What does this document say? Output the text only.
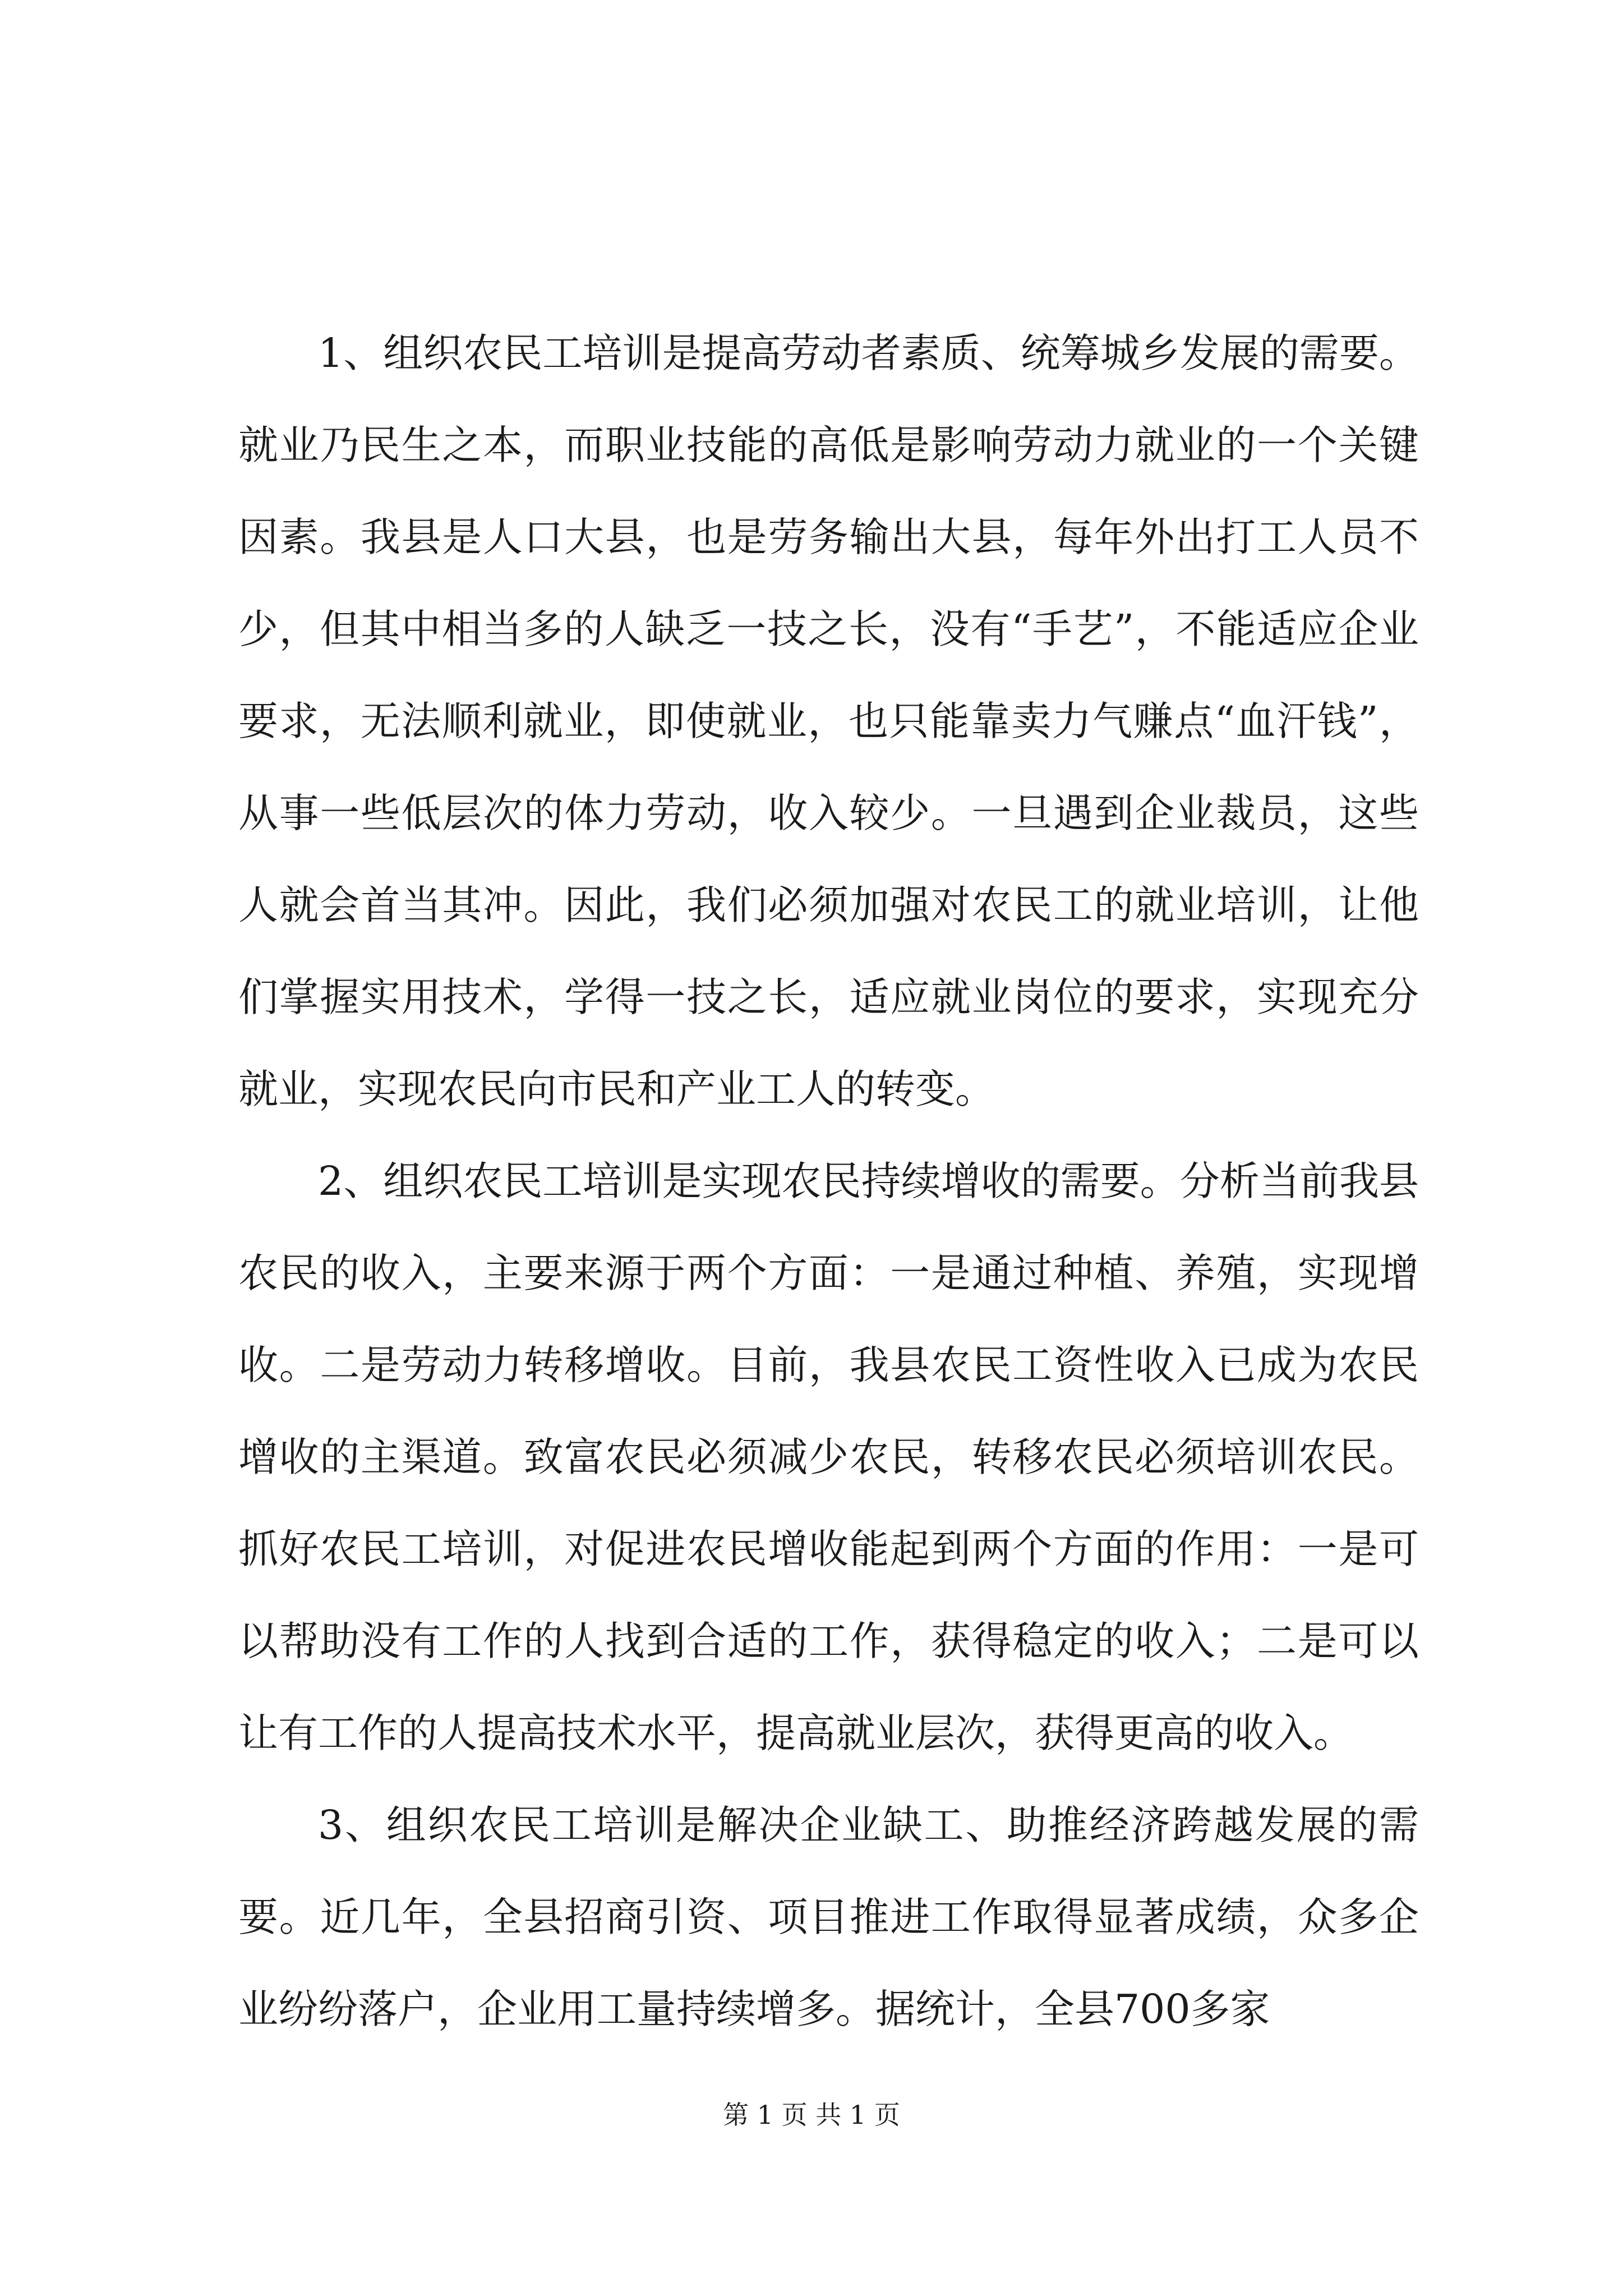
1、组织农民工培训是提高劳动者素质、统筹城乡发展的需要。就业乃民生之本，而职业技能的高低是影响劳动力就业的一个关键因素。我县是人口大县，也是劳务输出大县，每年外出打工人员不少，但其中相当多的人缺乏一技之长，没有“手艺”，不能适应企业要求，无法顺利就业，即使就业，也只能靠卖力气赚点“血汗钱”，从事一些低层次的体力劳动，收入较少。一旦遇到企业裁员，这些人就会首当其冲。因此，我们必须加强对农民工的就业培训，让他们掌握实用技术，学得一技之长，适应就业岗位的要求，实现充分就业，实现农民向市民和产业工人的转变。

2、组织农民工培训是实现农民持续增收的需要。分析当前我县农民的收入，主要来源于两个方面：一是通过种植、养殖，实现增收。二是劳动力转移增收。目前，我县农民工资性收入已成为农民增收的主渠道。致富农民必须减少农民，转移农民必须培训农民。抓好农民工培训，对促进农民增收能起到两个方面的作用：一是可以帮助没有工作的人找到合适的工作，获得稳定的收入；二是可以让有工作的人提高技术水平，提高就业层次，获得更高的收入。

3、组织农民工培训是解决企业缺工、助推经济跨越发展的需要。近几年，全县招商引资、项目推进工作取得显著成绩，众多企业纷纷落户，企业用工量持续增多。据统计，全县700多家

第 1 页 共 1 页
